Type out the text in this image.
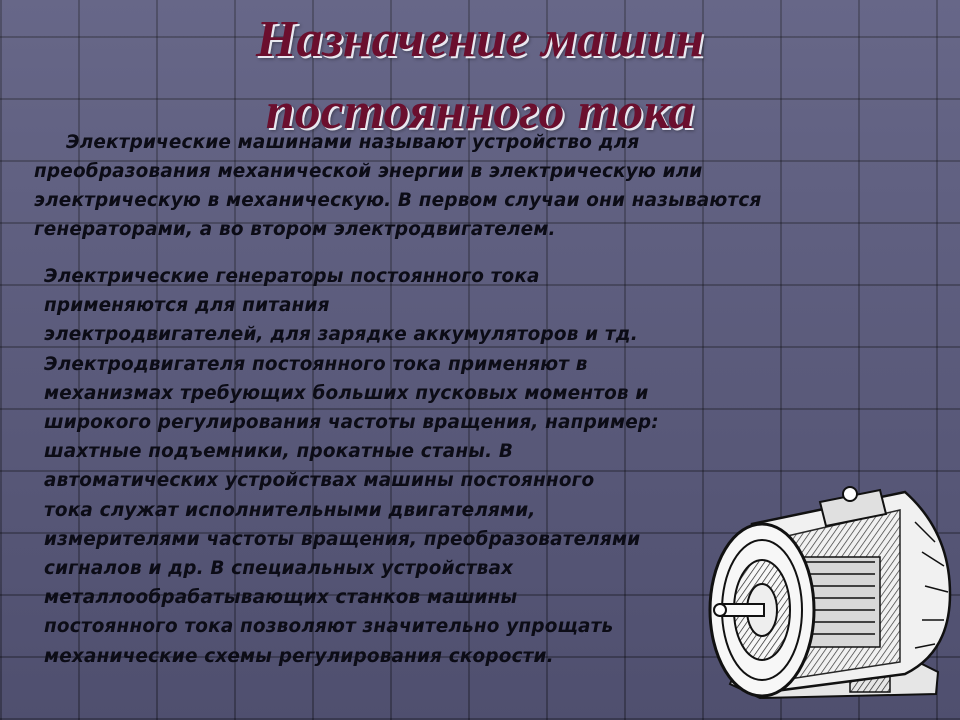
Назначение машин
постоянного тока

Электрические машинами называют устройство для
преобразования механической энергии в электрическую или
электрическую в механическую. В первом случаи они называются
генераторами, а во втором электродвигателем.

Электрические генераторы постоянного тока
применяются для питания
электродвигателей, для зарядке аккумуляторов и тд.
Электродвигателя постоянного тока применяют в
механизмах требующих больших пусковых моментов и
широкого регулирования частоты вращения, например:
шахтные подъемники, прокатные станы. В
автоматических устройствах машины постоянного
тока служат исполнительными двигателями,
измерителями частоты вращения, преобразователями
сигналов и др. В специальных устройствах
металлообрабатывающих станков машины
постоянного тока позволяют значительно упрощать
механические схемы регулирования скорости.
